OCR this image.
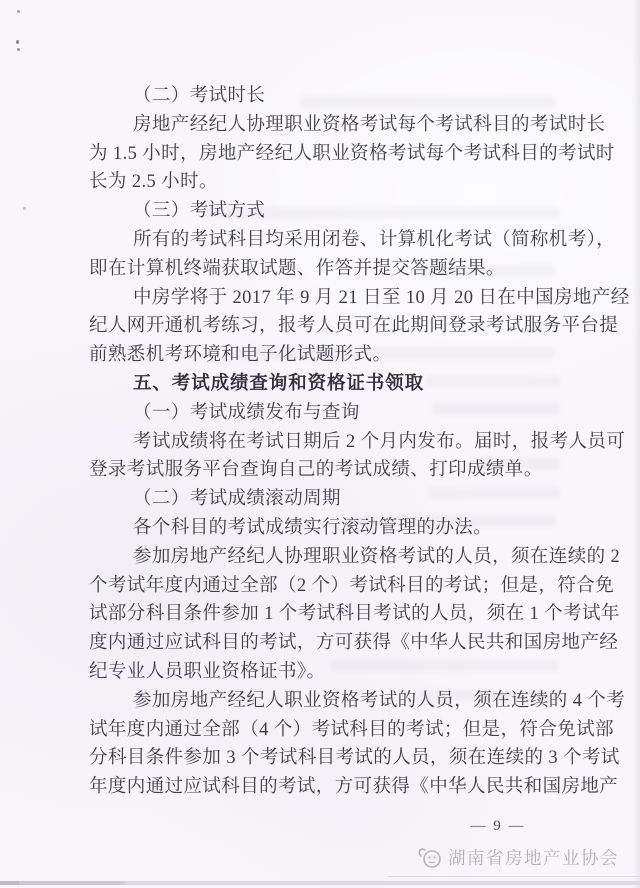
（二）考试时长
房地产经纪人协理职业资格考试每个考试科目的考试时长
为 1.5 小时，房地产经纪人职业资格考试每个考试科目的考试时
长为 2.5 小时。
（三）考试方式
所有的考试科目均采用闭卷、计算机化考试（简称机考），
即在计算机终端获取试题、作答并提交答题结果。
中房学将于 2017 年 9 月 21 日至 10 月 20 日在中国房地产经
纪人网开通机考练习，报考人员可在此期间登录考试服务平台提
前熟悉机考环境和电子化试题形式。
五、考试成绩查询和资格证书领取
（一）考试成绩发布与查询
考试成绩将在考试日期后 2 个月内发布。届时，报考人员可
登录考试服务平台查询自己的考试成绩、打印成绩单。
（二）考试成绩滚动周期
各个科目的考试成绩实行滚动管理的办法。
参加房地产经纪人协理职业资格考试的人员，须在连续的 2
个考试年度内通过全部（2 个）考试科目的考试；但是，符合免
试部分科目条件参加 1 个考试科目考试的人员，须在 1 个考试年
度内通过应试科目的考试，方可获得《中华人民共和国房地产经
纪专业人员职业资格证书》。
参加房地产经纪人职业资格考试的人员，须在连续的 4 个考
试年度内通过全部（4 个）考试科目的考试；但是，符合免试部
分科目条件参加 3 个考试科目考试的人员，须在连续的 3 个考试
年度内通过应试科目的考试，方可获得《中华人民共和国房地产
— 9 —
湖南省房地产业协会
